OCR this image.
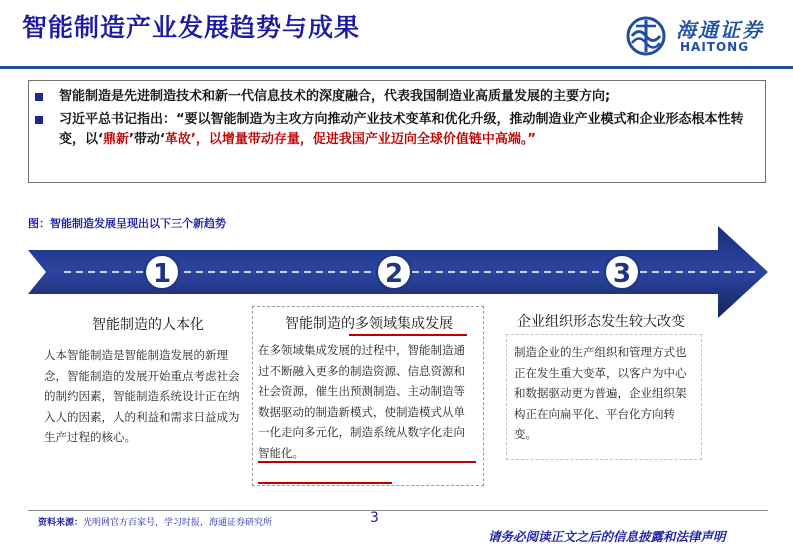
智能制造产业发展趋势与成果	海通证券
HAITONG
智能制造是先进制造技术和新一代信息技术的深度融合，代表我国制造业高质量发展的主要方向;
习近平总书记指出：“要以智能制造为主攻方向推动产业技术变革和优化升级，推动制造业产业模式和企业形态根本性转变，以‘鼎新’带动‘革故’，以增量带动存量，促进我国产业迈向全球价值链中高端。”
图：智能制造发展呈现出以下三个新趋势
1	2	3
智能制造的人本化
人本智能制造是智能制造发展的新理念，智能制造的发展开始重点考虑社会的制约因素，智能制造系统设计正在纳入人的因素，人的利益和需求日益成为生产过程的核心。
智能制造的多领域集成发展
在多领域集成发展的过程中，智能制造通过不断融入更多的制造资源、信息资源和社会资源，催生出预测制造、主动制造等数据驱动的制造新模式，使制造模式从单一化走向多元化，制造系统从数字化走向智能化。
企业组织形态发生较大改变
制造企业的生产组织和管理方式也正在发生重大变革，以客户为中心和数据驱动更为普遍，企业组织架构正在向扁平化、平台化方向转变。
资料来源：光明网官方百家号，学习时报，海通证券研究所	3
请务必阅读正文之后的信息披露和法律声明
